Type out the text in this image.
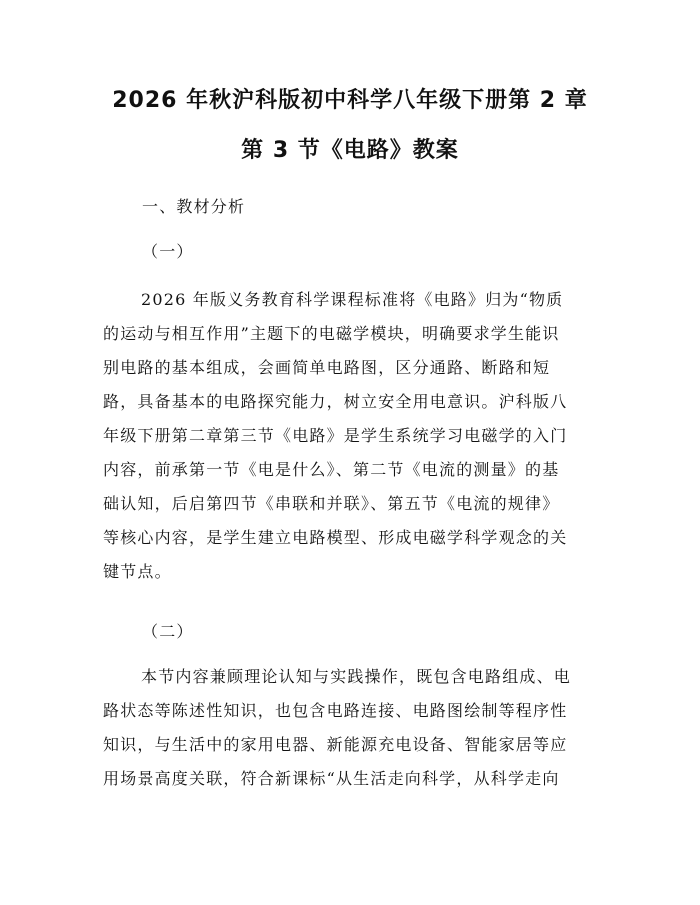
2026 年秋沪科版初中科学八年级下册第 2 章
第 3 节《电路》教案

一、教材分析

（一）

2026 年版义务教育科学课程标准将《电路》归为“物质
的运动与相互作用”主题下的电磁学模块，明确要求学生能识
别电路的基本组成，会画简单电路图，区分通路、断路和短
路，具备基本的电路探究能力，树立安全用电意识。沪科版八
年级下册第二章第三节《电路》是学生系统学习电磁学的入门
内容，前承第一节《电是什么》、第二节《电流的测量》的基
础认知，后启第四节《串联和并联》、第五节《电流的规律》
等核心内容，是学生建立电路模型、形成电磁学科学观念的关
键节点。

（二）

本节内容兼顾理论认知与实践操作，既包含电路组成、电
路状态等陈述性知识，也包含电路连接、电路图绘制等程序性
知识，与生活中的家用电器、新能源充电设备、智能家居等应
用场景高度关联，符合新课标“从生活走向科学，从科学走向
